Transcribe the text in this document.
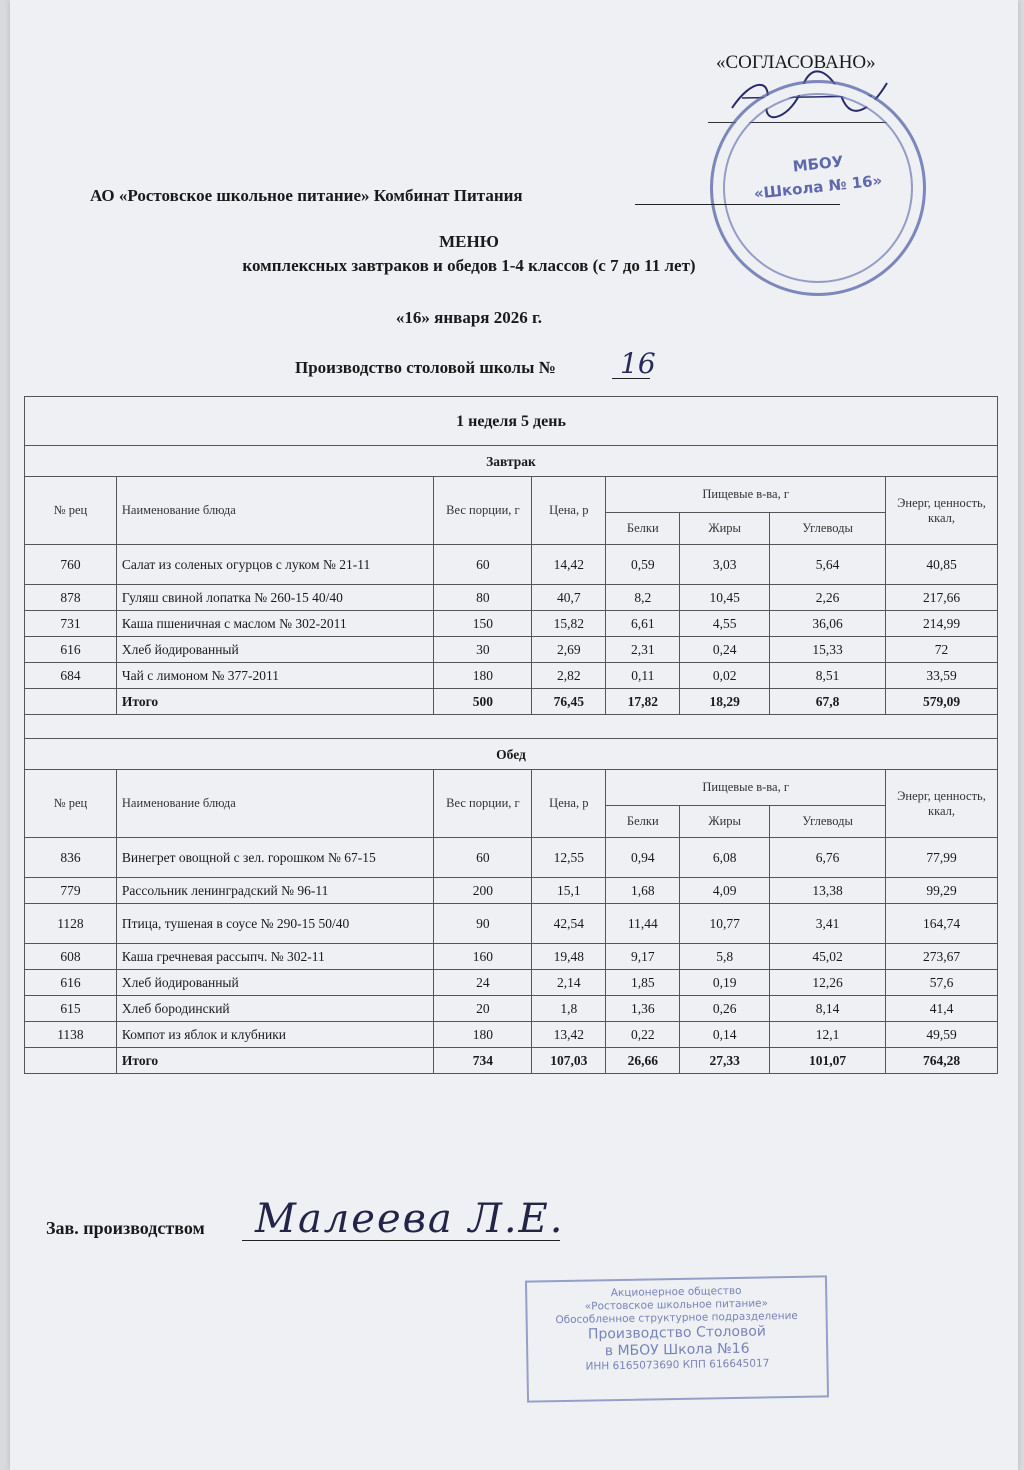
«СОГЛАСОВАНО»
МБОУ
«Школа № 16»
АО «Ростовское школьное питание» Комбинат Питания
МЕНЮ
комплексных завтраков и обедов 1-4 классов (с 7 до 11 лет)
«16» января 2026 г.
Производство столовой школы № 16
1 неделя 5 день							
Завтрак							
№ рец	Наименование блюда	Вес порции, г	Цена, р	Пищевые в-ва, г			Энерг, ценность, ккал,
				Белки	Жиры	Углеводы	
760	Салат из соленых огурцов с луком № 21-11	60	14,42	0,59	3,03	5,64	40,85
878	Гуляш свиной лопатка № 260-15 40/40	80	40,7	8,2	10,45	2,26	217,66
731	Каша пшеничная с маслом № 302-2011	150	15,82	6,61	4,55	36,06	214,99
616	Хлеб йодированный	30	2,69	2,31	0,24	15,33	72
684	Чай с лимоном № 377-2011	180	2,82	0,11	0,02	8,51	33,59
	Итого	500	76,45	17,82	18,29	67,8	579,09

Обед							
№ рец	Наименование блюда	Вес порции, г	Цена, р	Пищевые в-ва, г			Энерг, ценность, ккал,
				Белки	Жиры	Углеводы	
836	Винегрет овощной с зел. горошком № 67-15	60	12,55	0,94	6,08	6,76	77,99
779	Рассольник ленинградский № 96-11	200	15,1	1,68	4,09	13,38	99,29
1128	Птица, тушеная в соусе № 290-15 50/40	90	42,54	11,44	10,77	3,41	164,74
608	Каша гречневая рассыпч. № 302-11	160	19,48	9,17	5,8	45,02	273,67
616	Хлеб йодированный	24	2,14	1,85	0,19	12,26	57,6
615	Хлеб бородинский	20	1,8	1,36	0,26	8,14	41,4
1138	Компот из яблок и клубники	180	13,42	0,22	0,14	12,1	49,59
	Итого	734	107,03	26,66	27,33	101,07	764,28
Зав. производством Малеева Л.Е.
Акционерное общество
«Ростовское школьное питание»
Обособленное структурное подразделение
Производство Столовой
в МБОУ Школа №16
ИНН 6165073690 КПП 616645017
